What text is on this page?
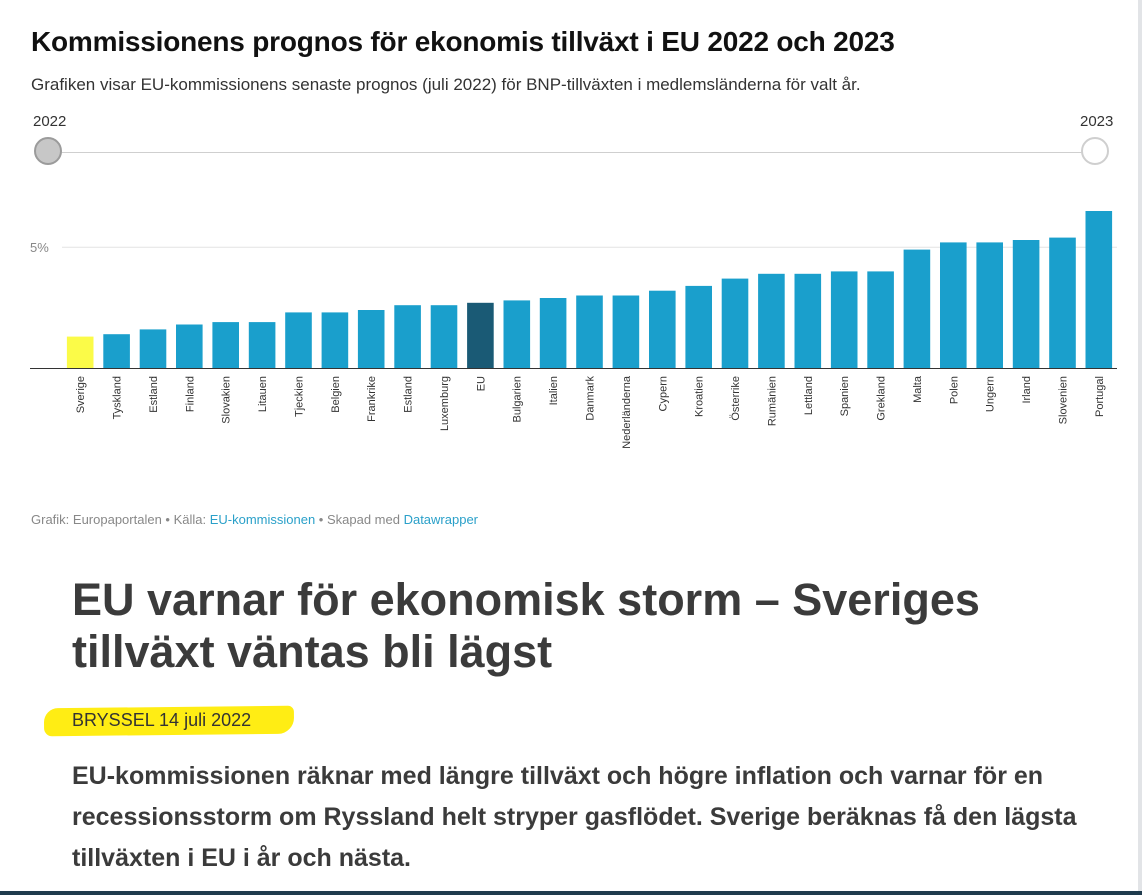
Kommissionens prognos för ekonomis tillväxt i EU 2022 och 2023

Grafiken visar EU-kommissionens senaste prognos (juli 2022) för BNP-tillväxten i medlemsländerna för valt år.

2022	2023
5%
Sverige Tyskland Estland Finland Slovakien Litauen Tjeckien Belgien Frankrike Estland Luxemburg EU Bulgarien Italien Danmark Nederländerna Cypern Kroatien Österrike Rumänien Lettland Spanien Grekland Malta Polen Ungern Irland Slovenien Portugal
Grafik: Europaportalen • Källa: EU-kommissionen • Skapad med Datawrapper
EU varnar för ekonomisk storm – Sveriges tillväxt väntas bli lägst
BRYSSEL 14 juli 2022

EU-kommissionen räknar med längre tillväxt och högre inflation och varnar för en recessionsstorm om Ryssland helt stryper gasflödet. Sverige beräknas få den lägsta tillväxten i EU i år och nästa.
